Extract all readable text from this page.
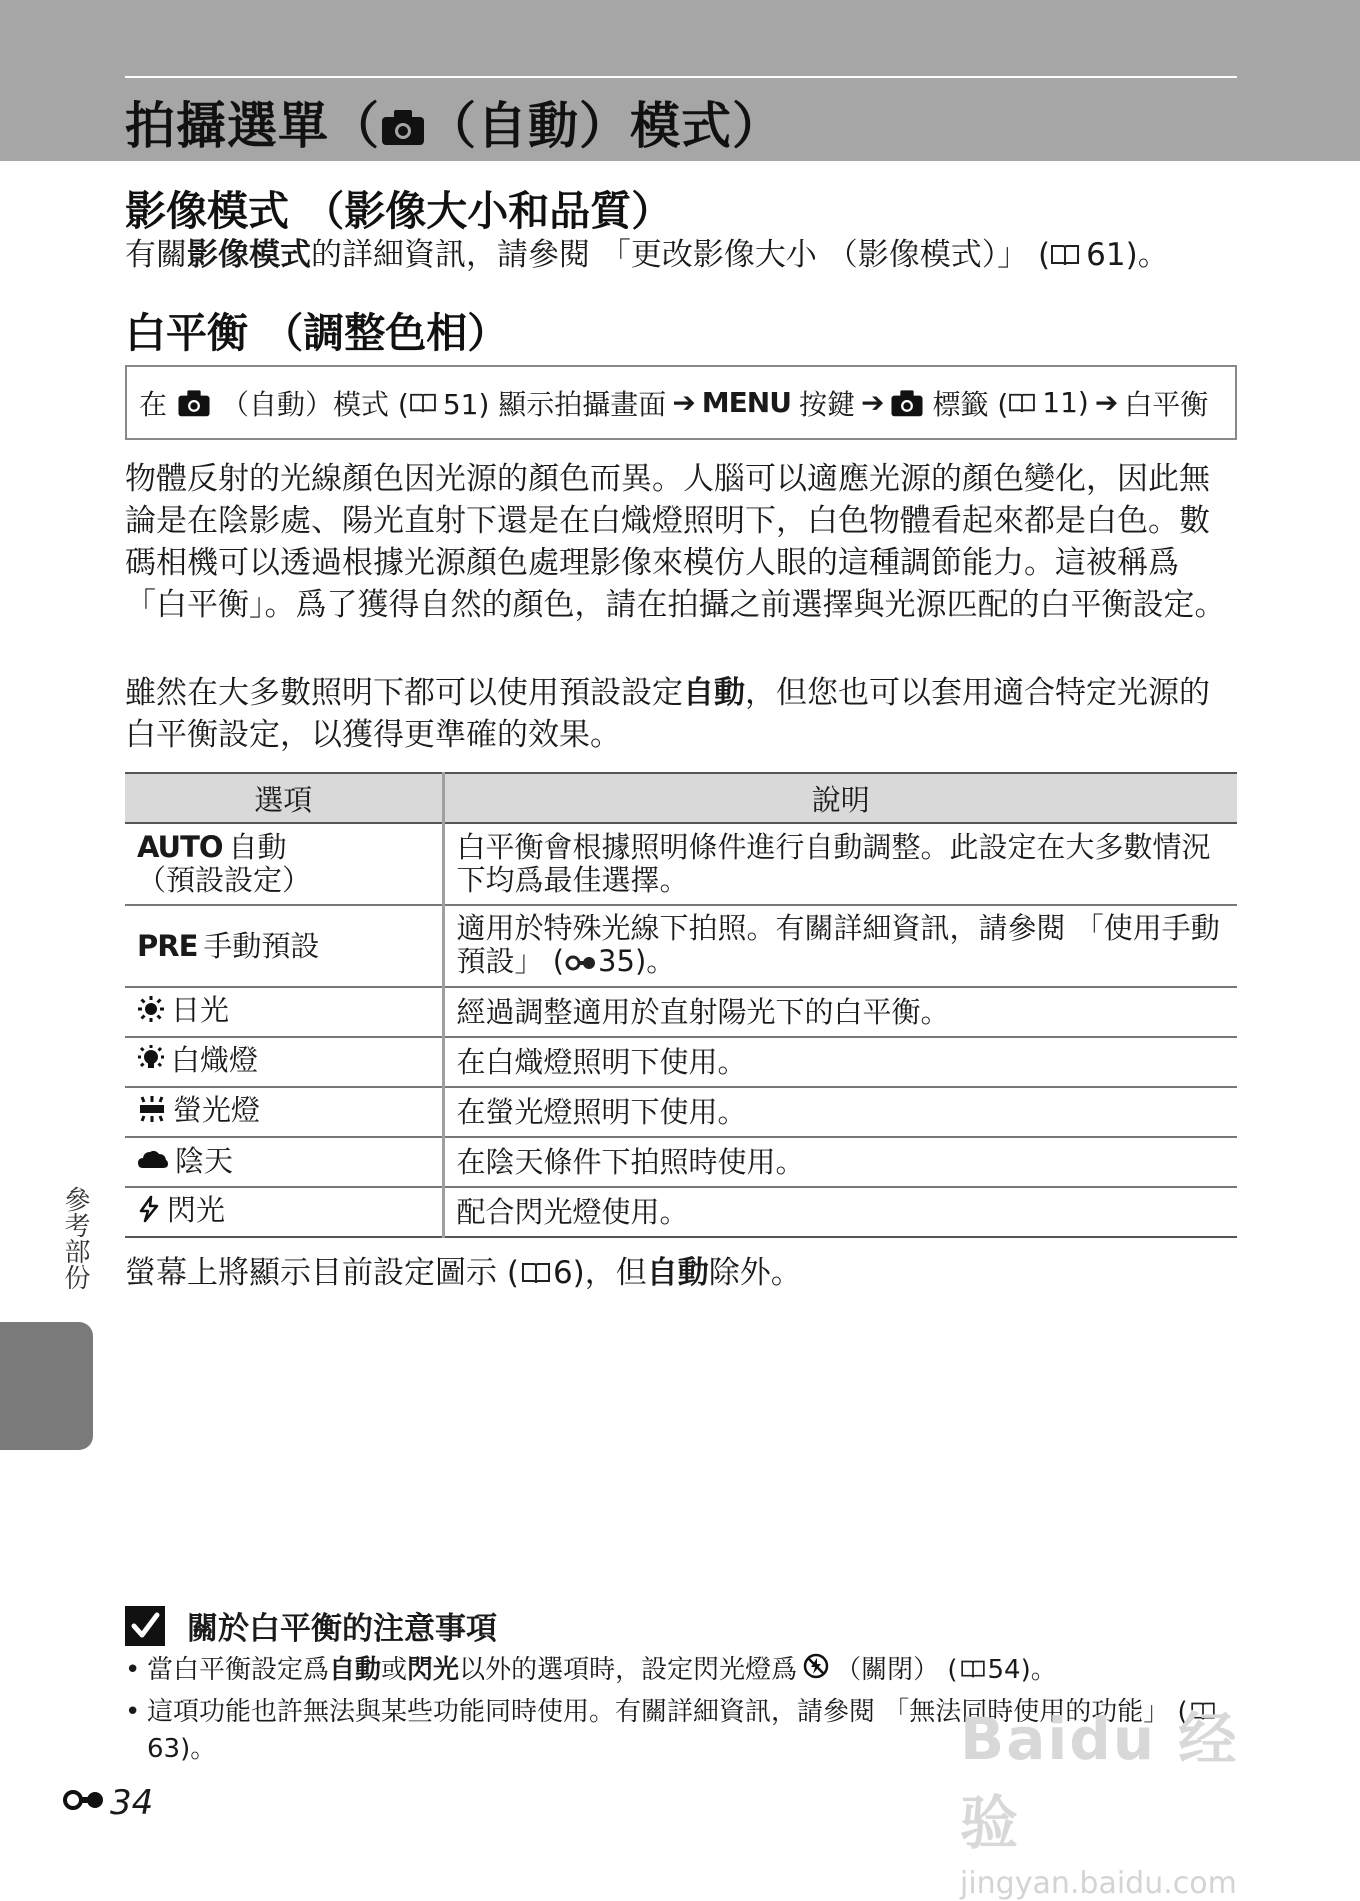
拍攝選單（ （自動）模式）
影像模式 （影像大小和品質）
有關影像模式的詳細資訊，請參閱 「更改影像大小 （影像模式）」 ( 61)。
白平衡 （調整色相）
在 （自動）模式 ( 51) 顯示拍攝畫面 ➔ MENU 按鍵 ➔ 標籤 ( 11) ➔ 白平衡
物體反射的光線顏色因光源的顏色而異。人腦可以適應光源的顏色變化，因此無論是在陰影處、陽光直射下還是在白熾燈照明下，白色物體看起來都是白色。數碼相機可以透過根據光源顏色處理影像來模仿人眼的這種調節能力。這被稱爲 「白平衡」。爲了獲得自然的顏色，請在拍攝之前選擇與光源匹配的白平衡設定。
雖然在大多數照明下都可以使用預設設定自動，但您也可以套用適合特定光源的白平衡設定，以獲得更準確的效果。
選項	說明

AUTO 自動
（預設設定）	白平衡會根據照明條件進行自動調整。此設定在大多數情況下均爲最佳選擇。
PRE 手動預設	適用於特殊光線下拍照。有關詳細資訊，請參閱 「使用手動預設」 ( 35)。
日光	經過調整適用於直射陽光下的白平衡。
白熾燈	在白熾燈照明下使用。
螢光燈	在螢光燈照明下使用。
陰天	在陰天條件下拍照時使用。
閃光	配合閃光燈使用。
螢幕上將顯示目前設定圖示 ( 6)，但自動除外。
參考部份
關於白平衡的注意事項
• 當白平衡設定爲自動或閃光以外的選項時，設定閃光燈爲 （關閉） ( 54)。
• 這項功能也許無法與某些功能同時使用。有關詳細資訊，請參閱 「無法同時使用的功能」 (63)。
34
Baidu 经验
jingyan.baidu.com
